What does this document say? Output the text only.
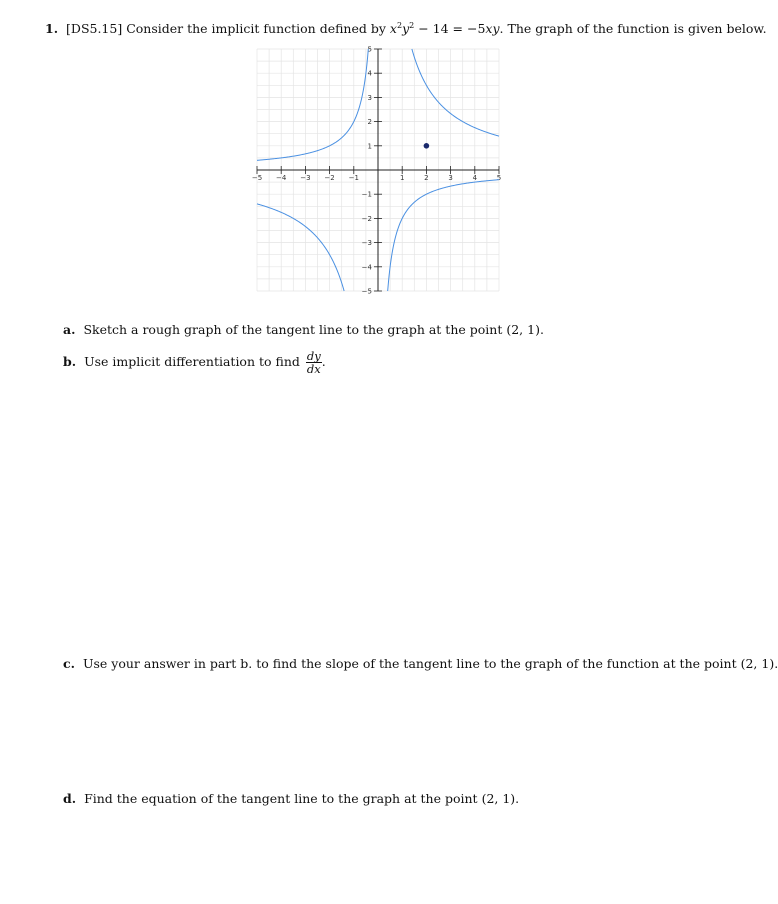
1. [DS5.15] Consider the implicit function defined by $x^2y^2 - 14 = -5xy$. The graph of the function is given below.
−5 −4 −3 −2 −1	1	2	3	4	5
−5
−4
−3
−2
−1
1
2
3
4
5
a. Sketch a rough graph of the tangent line to the graph at the point (2, 1).
b. Use implicit differentiation to find $\frac{dy}{dx}$ .
c. Use your answer in part b. to find the slope of the tangent line to the graph of the function at the point (2, 1).
d. Find the equation of the tangent line to the graph at the point (2, 1).
